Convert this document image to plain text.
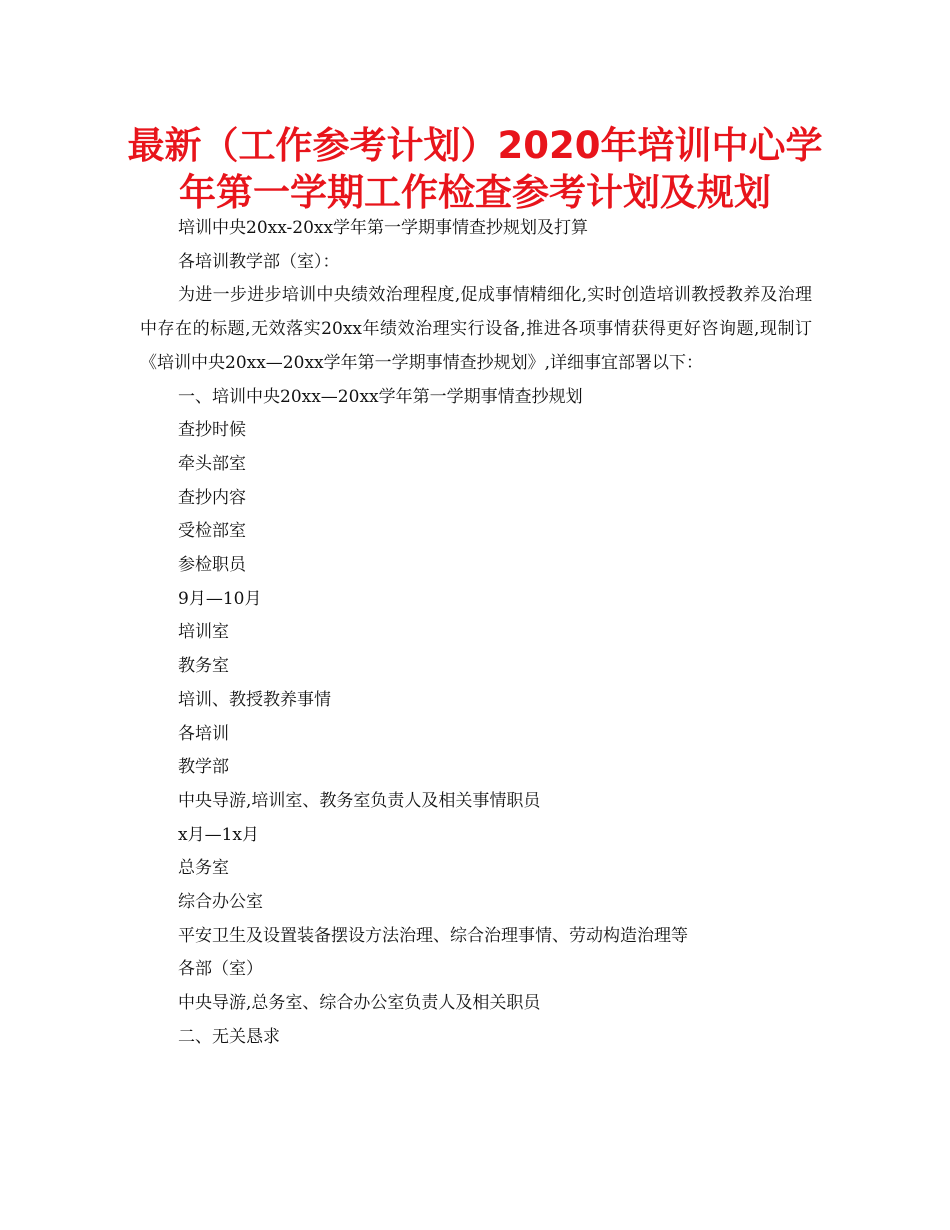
最新（工作参考计划）2020年培训中心学年第一学期工作检查参考计划及规划

培训中央20xx-20xx学年第一学期事情查抄规划及打算

各培训教学部（室）：

为进一步进步培训中央绩效治理程度,促成事情精细化,实时创造培训教授教养及治理中存在的标题,无效落实20xx年绩效治理实行设备,推进各项事情获得更好咨询题,现制订《培训中央20xx—20xx学年第一学期事情查抄规划》,详细事宜部署以下：

一、培训中央20xx—20xx学年第一学期事情查抄规划

查抄时候

牵头部室

查抄内容

受检部室

参检职员

9月—10月

培训室

教务室

培训、教授教养事情

各培训

教学部

中央导游,培训室、教务室负责人及相关事情职员

x月—1x月

总务室

综合办公室

平安卫生及设置装备摆设方法治理、综合治理事情、劳动构造治理等

各部（室）

中央导游,总务室、综合办公室负责人及相关职员

二、无关恳求
